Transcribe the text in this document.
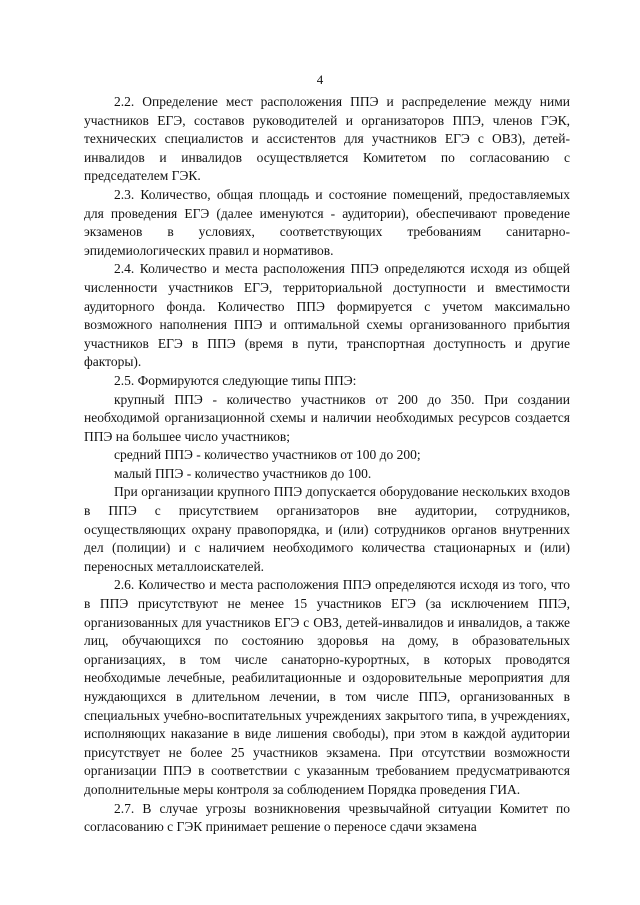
4

2.2. Определение мест расположения ППЭ и распределение между ними участников ЕГЭ, составов руководителей и организаторов ППЭ, членов ГЭК, технических специалистов и ассистентов для участников ЕГЭ с ОВЗ), детей-инвалидов и инвалидов осуществляется Комитетом по согласованию с председателем ГЭК.

2.3. Количество, общая площадь и состояние помещений, предоставляемых для проведения ЕГЭ (далее именуются - аудитории), обеспечивают проведение экзаменов в условиях, соответствующих требованиям санитарно-эпидемиологических правил и нормативов.

2.4. Количество и места расположения ППЭ определяются исходя из общей численности участников ЕГЭ, территориальной доступности и вместимости аудиторного фонда. Количество ППЭ формируется с учетом максимально возможного наполнения ППЭ и оптимальной схемы организованного прибытия участников ЕГЭ в ППЭ (время в пути, транспортная доступность и другие факторы).

2.5. Формируются следующие типы ППЭ:

крупный ППЭ - количество участников от 200 до 350. При создании необходимой организационной схемы и наличии необходимых ресурсов создается ППЭ на большее число участников;

средний ППЭ - количество участников от 100 до 200;

малый ППЭ - количество участников до 100.

При организации крупного ППЭ допускается оборудование нескольких входов в ППЭ с присутствием организаторов вне аудитории, сотрудников, осуществляющих охрану правопорядка, и (или) сотрудников органов внутренних дел (полиции) и с наличием необходимого количества стационарных и (или) переносных металлоискателей.

2.6. Количество и места расположения ППЭ определяются исходя из того, что в ППЭ присутствуют не менее 15 участников ЕГЭ (за исключением ППЭ, организованных для участников ЕГЭ с ОВЗ, детей-инвалидов и инвалидов, а также лиц, обучающихся по состоянию здоровья на дому, в образовательных организациях, в том числе санаторно-курортных, в которых проводятся необходимые лечебные, реабилитационные и оздоровительные мероприятия для нуждающихся в длительном лечении, в том числе ППЭ, организованных в специальных учебно-воспитательных учреждениях закрытого типа, в учреждениях, исполняющих наказание в виде лишения свободы), при этом в каждой аудитории присутствует не более 25 участников экзамена. При отсутствии возможности организации ППЭ в соответствии с указанным требованием предусматриваются дополнительные меры контроля за соблюдением Порядка проведения ГИА.

2.7. В случае угрозы возникновения чрезвычайной ситуации Комитет по согласованию с ГЭК принимает решение о переносе сдачи экзамена
